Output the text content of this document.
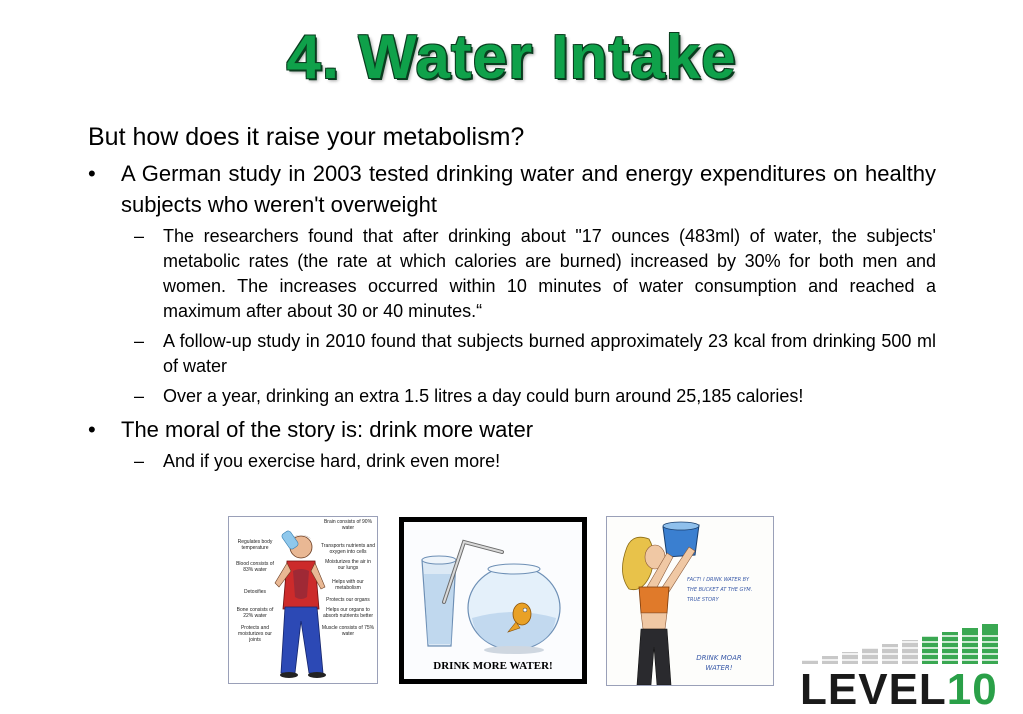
4. Water Intake
But how does it raise your metabolism?
• A German study in 2003 tested drinking water and energy expenditures on healthy subjects who weren't overweight
– The researchers found that after drinking about "17 ounces (483ml) of water, the subjects' metabolic rates (the rate at which calories are burned) increased by 30% for both men and women. The increases occurred within 10 minutes of water consumption and reached a maximum after about 30 or 40 minutes.“
– A follow-up study in 2010 found that subjects burned approximately 23 kcal from drinking 500 ml of water
– Over a year, drinking an extra 1.5 litres a day could burn around 25,185 calories!
• The moral of the story is: drink more water
– And if you exercise hard, drink even more!
Regulates body temperature
Blood consists of 83% water
Detoxifies
Bone consists of 22% water
Protects and moisturizes our joints
Brain consists of 90% water
Transports nutrients and oxygen into cells
Moisturizes the air in our lungs
Helps with our metabolism
Protects our organs
Helps our organs to absorb nutrients better
Muscle consists of 75% water
DRINK MORE WATER!
FACT! I DRINK WATER BY THE BUCKET AT THE GYM. TRUE STORY
DRINK MOAR WATER!	LEVEL10
